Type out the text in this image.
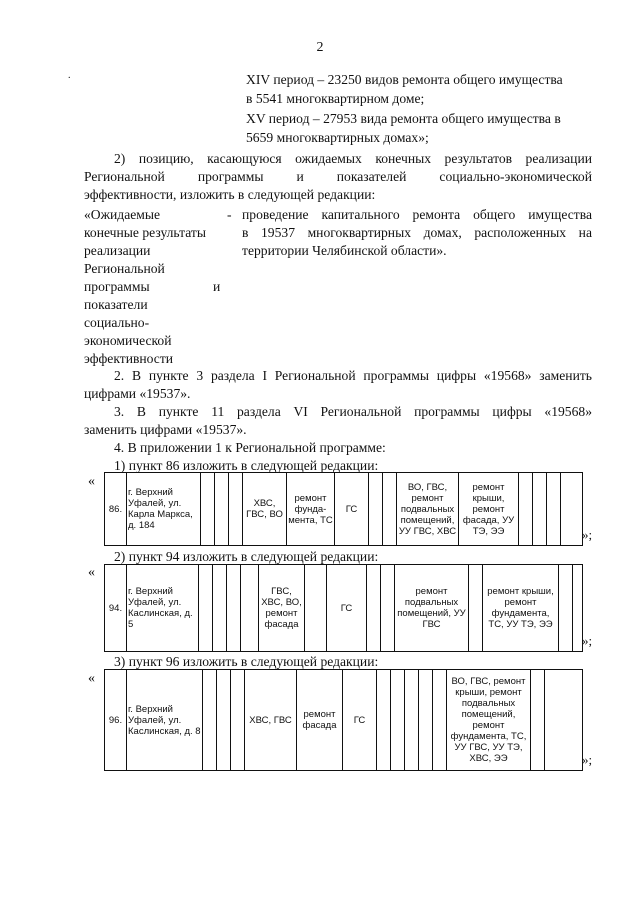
2
.	XIV период – 23250 видов ремонта общего имущества
в 5541 многоквартирном доме;
XV период – 27953 вида ремонта общего имущества в
5659 многоквартирных домах»;
2) позицию, касающуюся ожидаемых конечных результатов реализации
Региональной программы и показателей социально-экономической
эффективности, изложить в следующей редакции:
«Ожидаемые
конечные результаты
реализации
Региональной
программы
показатели
социально-
экономической
эффективности
и
- проведение капитального ремонта общего имущества
в 19537 многоквартирных домах, расположенных на
территории Челябинской области».
2. В пункте 3 раздела I Региональной программы цифры «19568» заменить
цифрами «19537».
3. В пункте 11 раздела VI Региональной программы цифры «19568»
заменить цифрами «19537».
4. В приложении 1 к Региональной программе:
1) пункт 86 изложить в следующей редакции:
«
86.	г. Верхний Уфалей, ул. Карла Маркса, д. 184				ХВС, ГВС, ВО	ремонт фунда-мента, ТС	ГС			ВО, ГВС, ремонт подвальных помещений, УУ ГВС, ХВС	ремонт крыши, ремонт фасада, УУ ТЭ, ЭЭ					»;
2) пункт 94 изложить в следующей редакции:
«
94.	г. Верхний Уфалей, ул. Каслинская, д. 5					ГВС, ХВС, ВО, ремонт фасада		ГС			ремонт подвальных помещений, УУ ГВС		ремонт крыши, ремонт фундамента, ТС, УУ ТЭ, ЭЭ		
»;
3) пункт 96 изложить в следующей редакции:
«
96.	г. Верхний Уфалей, ул. Каслинская, д. 8				ХВС, ГВС	ремонт фасада	ГС						ВО, ГВС, ремонт крыши, ремонт подвальных помещений, ремонт фундамента, ТС, УУ ГВС, УУ ТЭ, ХВС, ЭЭ			»;
